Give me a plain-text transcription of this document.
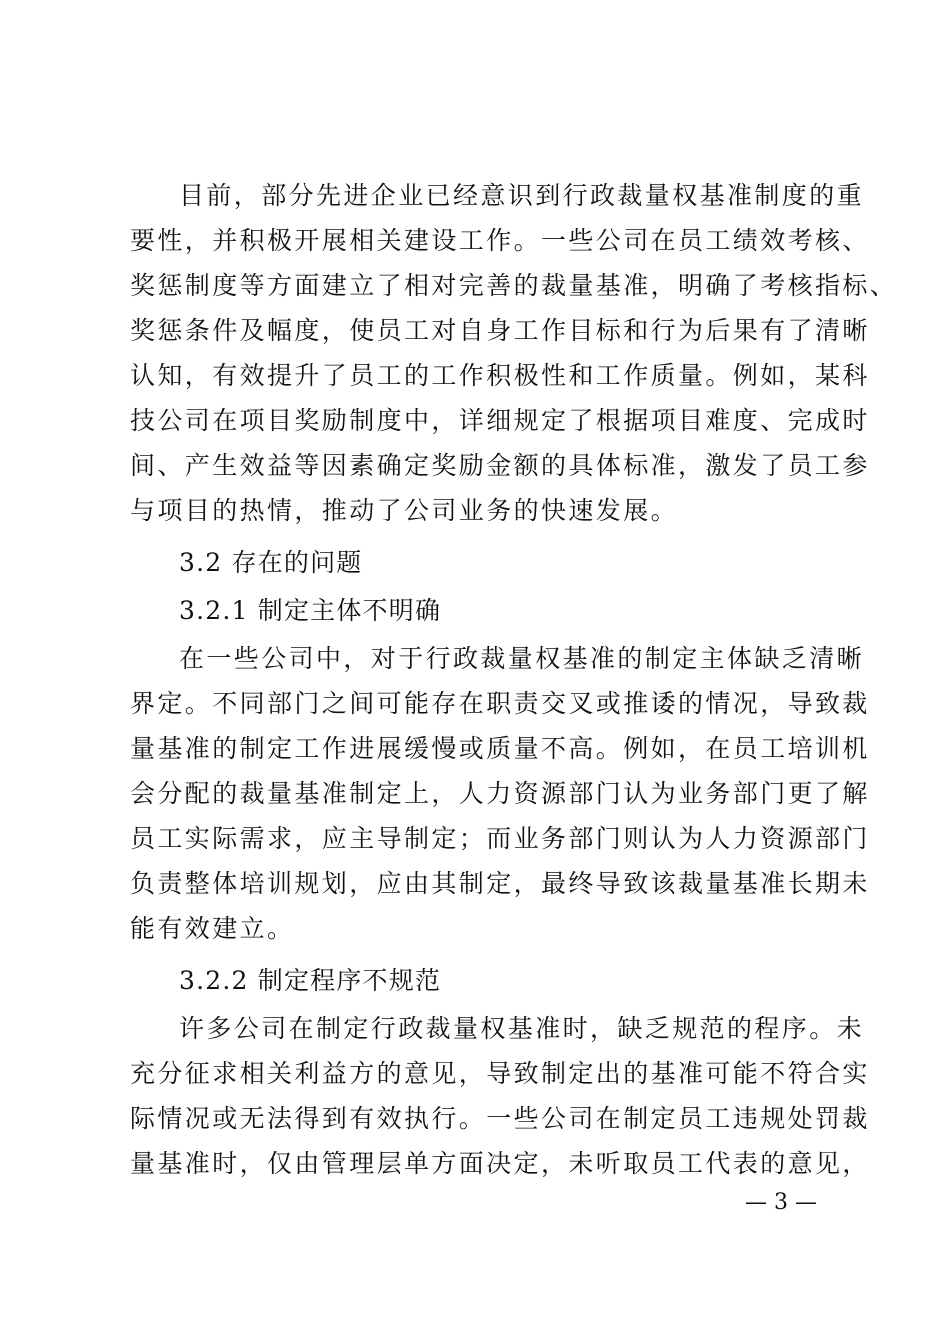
目前，部分先进企业已经意识到行政裁量权基准制度的重
要性，并积极开展相关建设工作。一些公司在员工绩效考核、
奖惩制度等方面建立了相对完善的裁量基准，明确了考核指标、
奖惩条件及幅度，使员工对自身工作目标和行为后果有了清晰
认知，有效提升了员工的工作积极性和工作质量。例如，某科
技公司在项目奖励制度中，详细规定了根据项目难度、完成时
间、产生效益等因素确定奖励金额的具体标准，激发了员工参
与项目的热情，推动了公司业务的快速发展。
3.2 存在的问题
3.2.1 制定主体不明确
在一些公司中，对于行政裁量权基准的制定主体缺乏清晰
界定。不同部门之间可能存在职责交叉或推诿的情况，导致裁
量基准的制定工作进展缓慢或质量不高。例如，在员工培训机
会分配的裁量基准制定上，人力资源部门认为业务部门更了解
员工实际需求，应主导制定；而业务部门则认为人力资源部门
负责整体培训规划，应由其制定，最终导致该裁量基准长期未
能有效建立。
3.2.2 制定程序不规范
许多公司在制定行政裁量权基准时，缺乏规范的程序。未
充分征求相关利益方的意见，导致制定出的基准可能不符合实
际情况或无法得到有效执行。一些公司在制定员工违规处罚裁
量基准时，仅由管理层单方面决定，未听取员工代表的意见，
— 3 —
